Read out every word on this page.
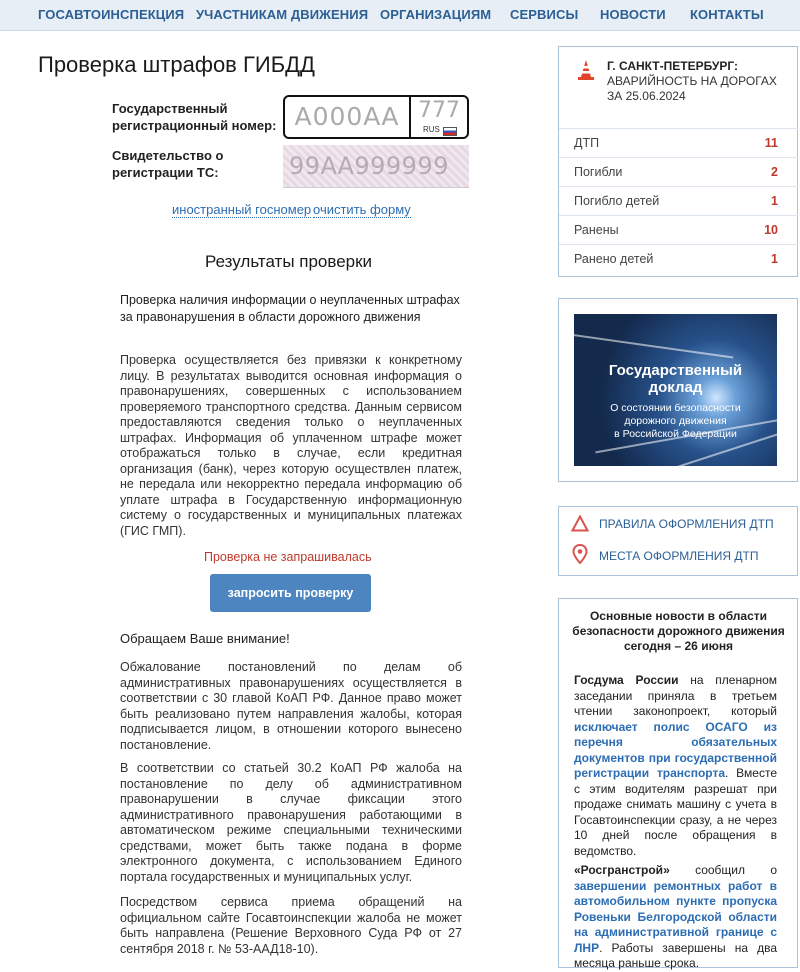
ГОСАВТОИНСПЕКЦИЯ УЧАСТНИКАМ ДВИЖЕНИЯ ОРГАНИЗАЦИЯМ СЕРВИСЫ НОВОСТИ КОНТАКТЫ
Проверка штрафов ГИБДД
Государственный
регистрационный номер: А000АА 777
RUS
Свидетельство о
регистрации ТС:	99АА999999
иностранный госномер очистить форму
Результаты проверки
Проверка наличия информации о неуплаченных штрафах за правонарушения в области дорожного движения
Проверка осуществляется без привязки к конкретному лицу. В результатах выводится основная информация о правонарушениях, совершенных с использованием проверяемого транспортного средства. Данным сервисом предоставляются сведения только о неуплаченных штрафах. Информация об уплаченном штрафе может отображаться только в случае, если кредитная организация (банк), через которую осуществлен платеж, не передала или некорректно передала информацию об уплате штрафа в Государственную информационную систему о государственных и муниципальных платежах (ГИС ГМП).
Проверка не запрашивалась
запросить проверку
Обращаем Ваше внимание!
Обжалование постановлений по делам об административных правонарушениях осуществляется в соответствии с 30 главой КоАП РФ. Данное право может быть реализовано путем направления жалобы, которая подписывается лицом, в отношении которого вынесено постановление.
В соответствии со статьей 30.2 КоАП РФ жалоба на постановление по делу об административном правонарушении в случае фиксации этого административного правонарушения работающими в автоматическом режиме специальными техническими средствами, может быть также подана в форме электронного документа, с использованием Единого портала государственных и муниципальных услуг.
Посредством сервиса приема обращений на официальном сайте Госавтоинспекции жалоба не может быть направлена (Решение Верховного Суда РФ от 27 сентября 2018 г. № 53-ААД18-10).
Г. САНКТ-ПЕТЕРБУРГ:
АВАРИЙНОСТЬ НА ДОРОГАХ
ЗА 25.06.2024
ДТП	11
Погибли	2
Погибло детей	1
Ранены	10
Ранено детей	1
Государственный
доклад
О состоянии безопасности
дорожного движения
в Российской Федерации
ПРАВИЛА ОФОРМЛЕНИЯ ДТП
МЕСТА ОФОРМЛЕНИЯ ДТП
Основные новости в области безопасности дорожного движения сегодня – 26 июня
Госдума России на пленарном заседании приняла в третьем чтении законопроект, который исключает полис ОСАГО из перечня обязательных документов при государственной регистрации транспорта. Вместе с этим водителям разрешат при продаже снимать машину с учета в Госавтоинспекции сразу, а не через 10 дней после обращения в ведомство.
«Росгранстрой» сообщил о завершении ремонтных работ в автомобильном пункте пропуска Ровеньки Белгородской области на административной границе с ЛНР. Работы завершены на два месяца раньше срока.
